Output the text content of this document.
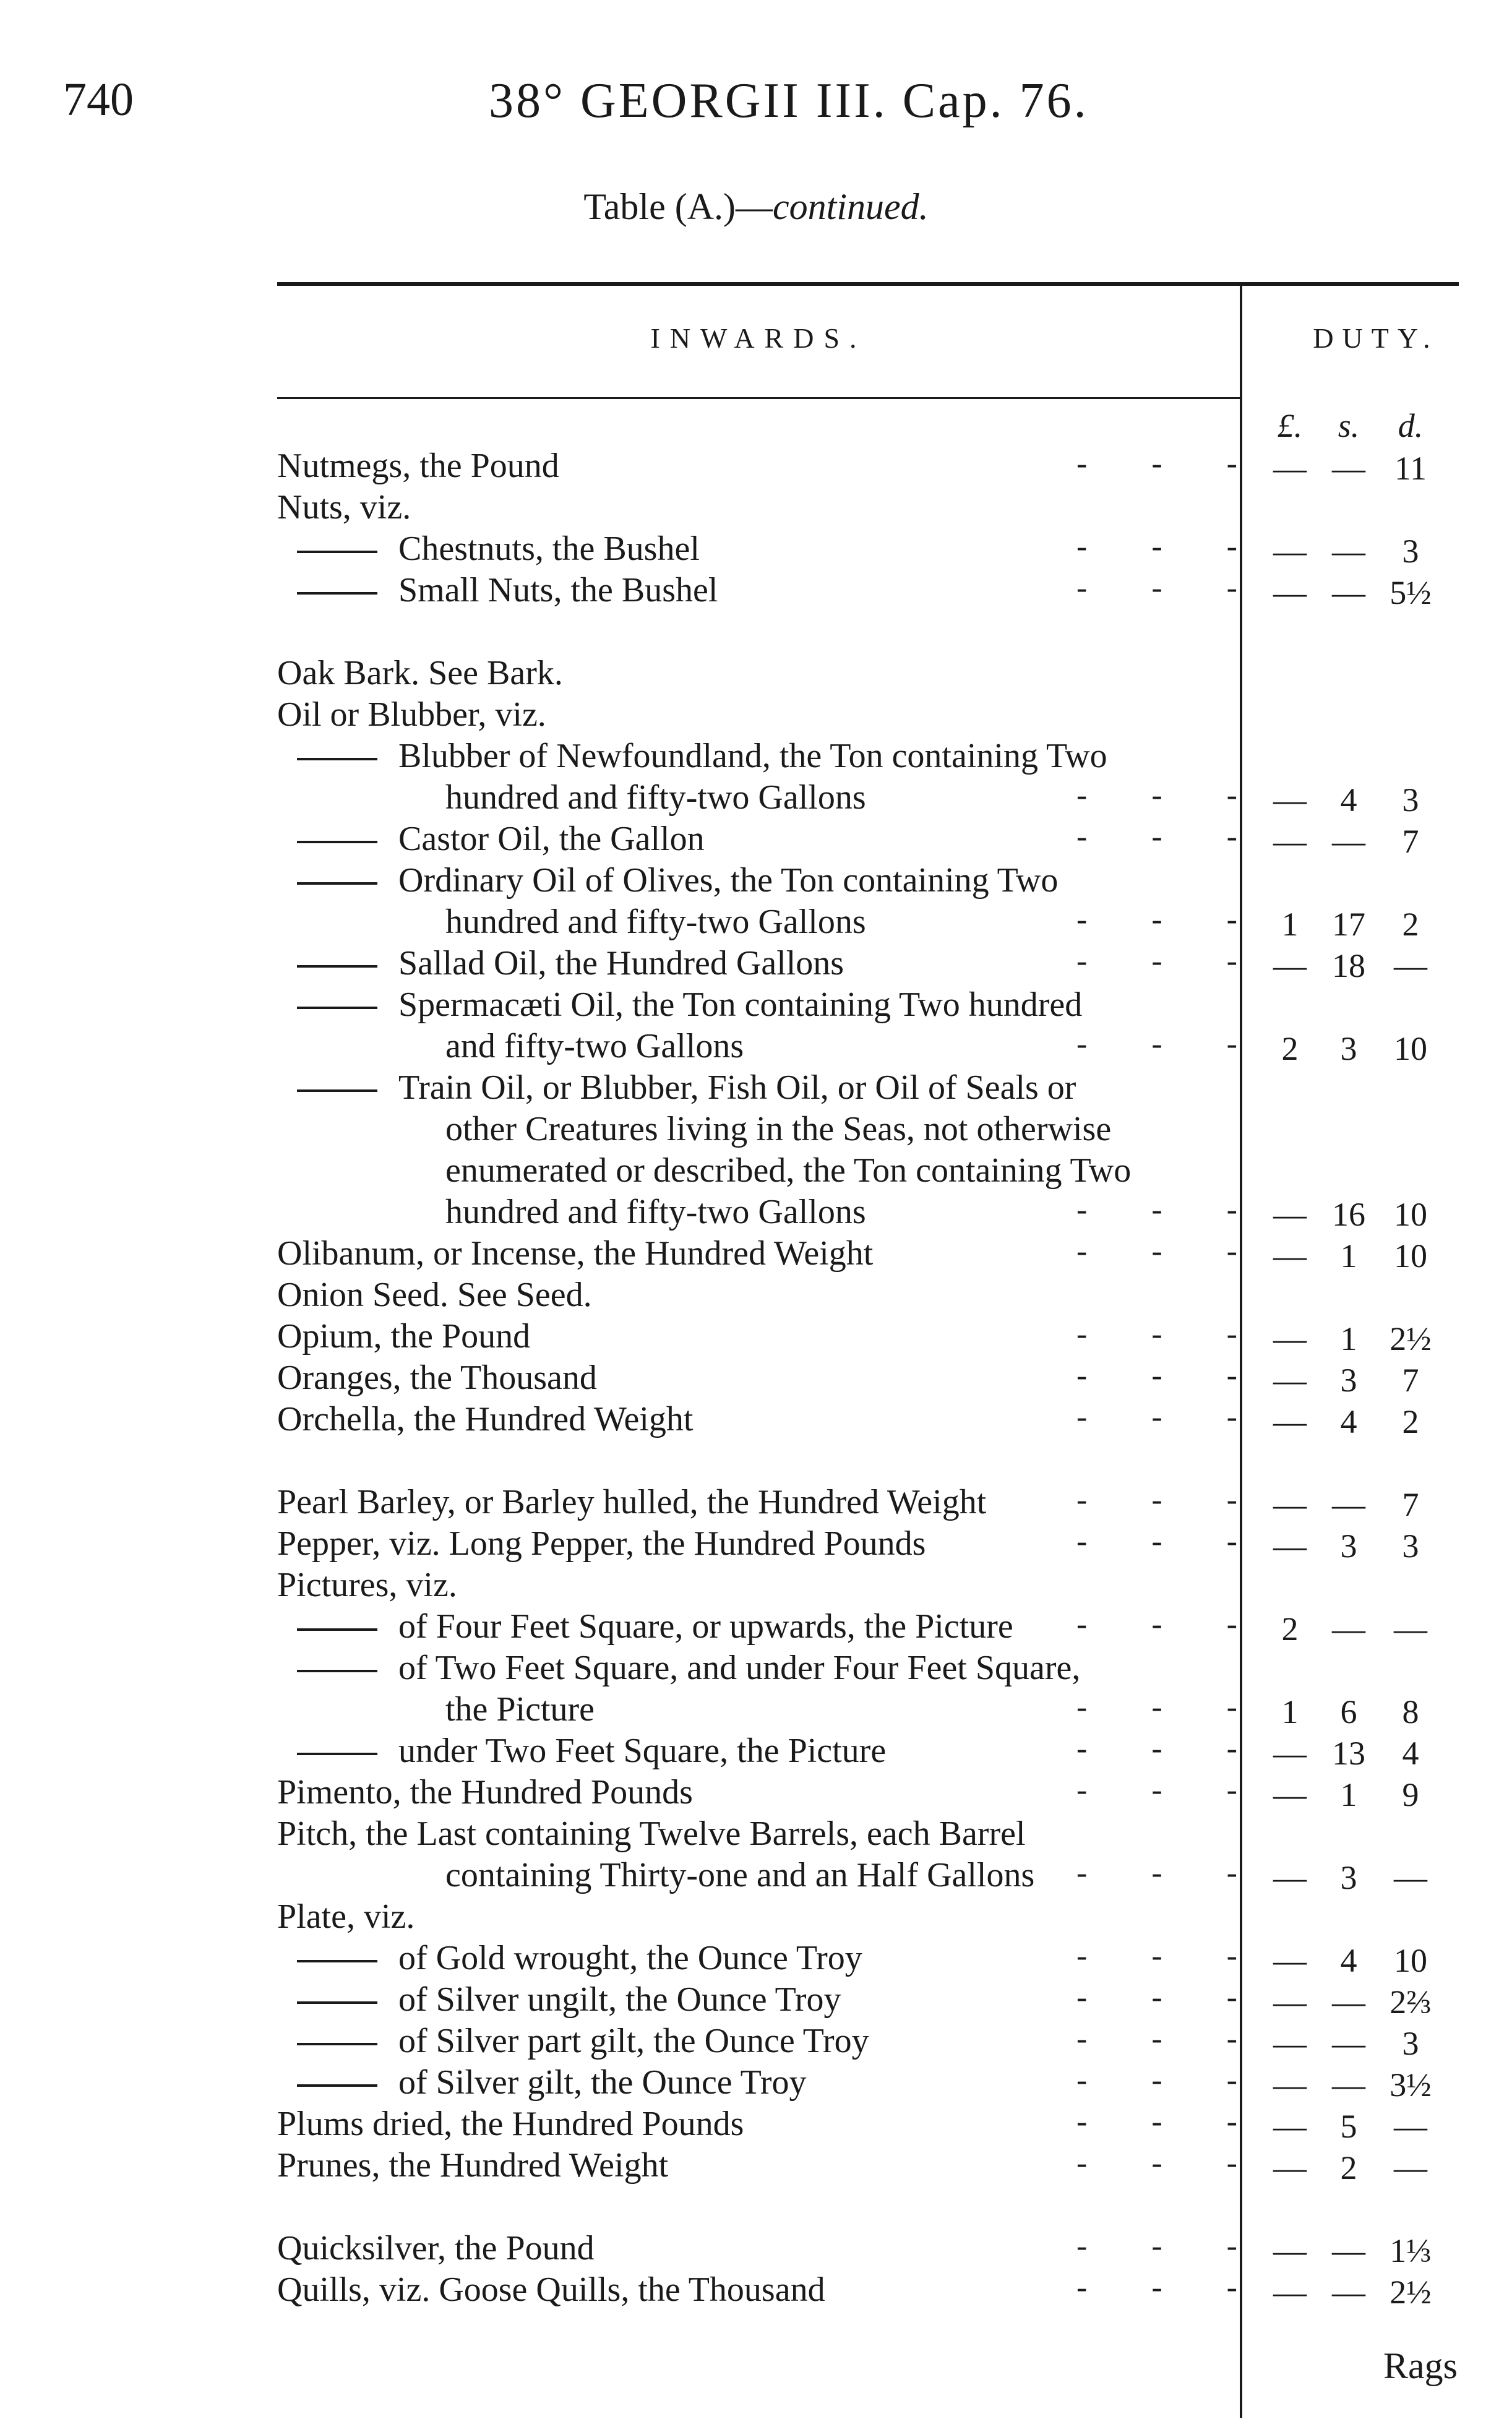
740	38° GEORGII III. Cap. 76.
Table (A.)—continued.
INWARDS.	DUTY.
£.	s.	d.
Nutmegs, the Pound	-        -        -	— — 11
Nuts, viz.
Chestnuts, the Bushel	-        -        -	— —	3
Small Nuts, the Bushel	-        -        -	— — 5½
Oak Bark. See Bark.
Oil or Blubber, viz.
Blubber of Newfoundland, the Ton containing Two
hundred and fifty-two Gallons	-        -        -	—	4	3
Castor Oil, the Gallon	-        -        -	— —	7
Ordinary Oil of Olives, the Ton containing Two
hundred and fifty-two Gallons	-        -        -	1	17	2
Sallad Oil, the Hundred Gallons	-        -        -	— 18 —
Spermacæti Oil, the Ton containing Two hundred
and fifty-two Gallons	-        -        -	2	3	10
Train Oil, or Blubber, Fish Oil, or Oil of Seals or
other Creatures living in the Seas, not otherwise
enumerated or described, the Ton containing Two
hundred and fifty-two Gallons	-        -        -	— 16 10
Olibanum, or Incense, the Hundred Weight	-        -        -	—	1	10
Onion Seed. See Seed.
Opium, the Pound	-        -        -	—	1 2½
Oranges, the Thousand	-        -        -	—	3	7
Orchella, the Hundred Weight	-        -        -	—	4	2
Pearl Barley, or Barley hulled, the Hundred Weight	-        -        -	— —	7
Pepper, viz. Long Pepper, the Hundred Pounds	-        -        -	—	3	3
Pictures, viz.
of Four Feet Square, or upwards, the Picture -        -        -	2	— —
of Two Feet Square, and under Four Feet Square,
the Picture	-        -        -	1	6	8
under Two Feet Square, the Picture	-        -        -	— 13	4
Pimento, the Hundred Pounds	-        -        -	—	1	9
Pitch, the Last containing Twelve Barrels, each Barrel
containing Thirty-one and an Half Gallons -        -        -	—	3	—
Plate, viz.
of Gold wrought, the Ounce Troy	-        -        -	—	4	10
of Silver ungilt, the Ounce Troy	-        -        -	— — 2⅔
of Silver part gilt, the Ounce Troy	-        -        -	— —	3
of Silver gilt, the Ounce Troy	-        -        -	— — 3½
Plums dried, the Hundred Pounds	-        -        -	—	5	—
Prunes, the Hundred Weight	-        -        -	—	2	—
Quicksilver, the Pound	-        -        -	— — 1⅓
Quills, viz. Goose Quills, the Thousand	-        -        -	— — 2½
Rags
